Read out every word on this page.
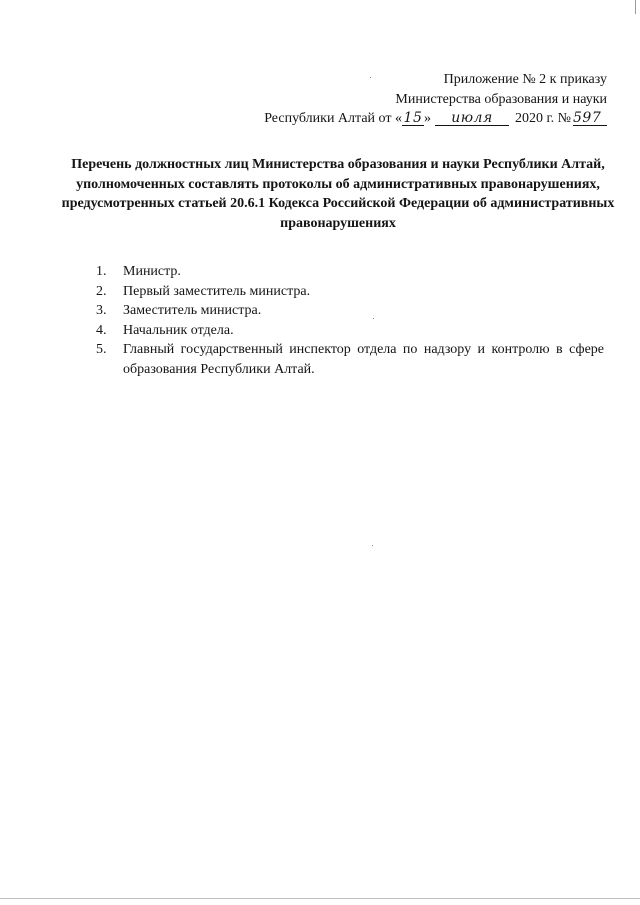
Приложение № 2 к приказу
Министерства образования и науки
Республики Алтай от « 15 » июля 2020 г. № 597
Перечень должностных лиц Министерства образования и науки Республики Алтай, уполномоченных составлять протоколы об административных правонарушениях, предусмотренных статьей 20.6.1 Кодекса Российской Федерации об административных правонарушениях
1. Министр.
2. Первый заместитель министра.
3. Заместитель министра.
4. Начальник отдела.
5. Главный государственный инспектор отдела по надзору и контролю в сфере образования Республики Алтай.
